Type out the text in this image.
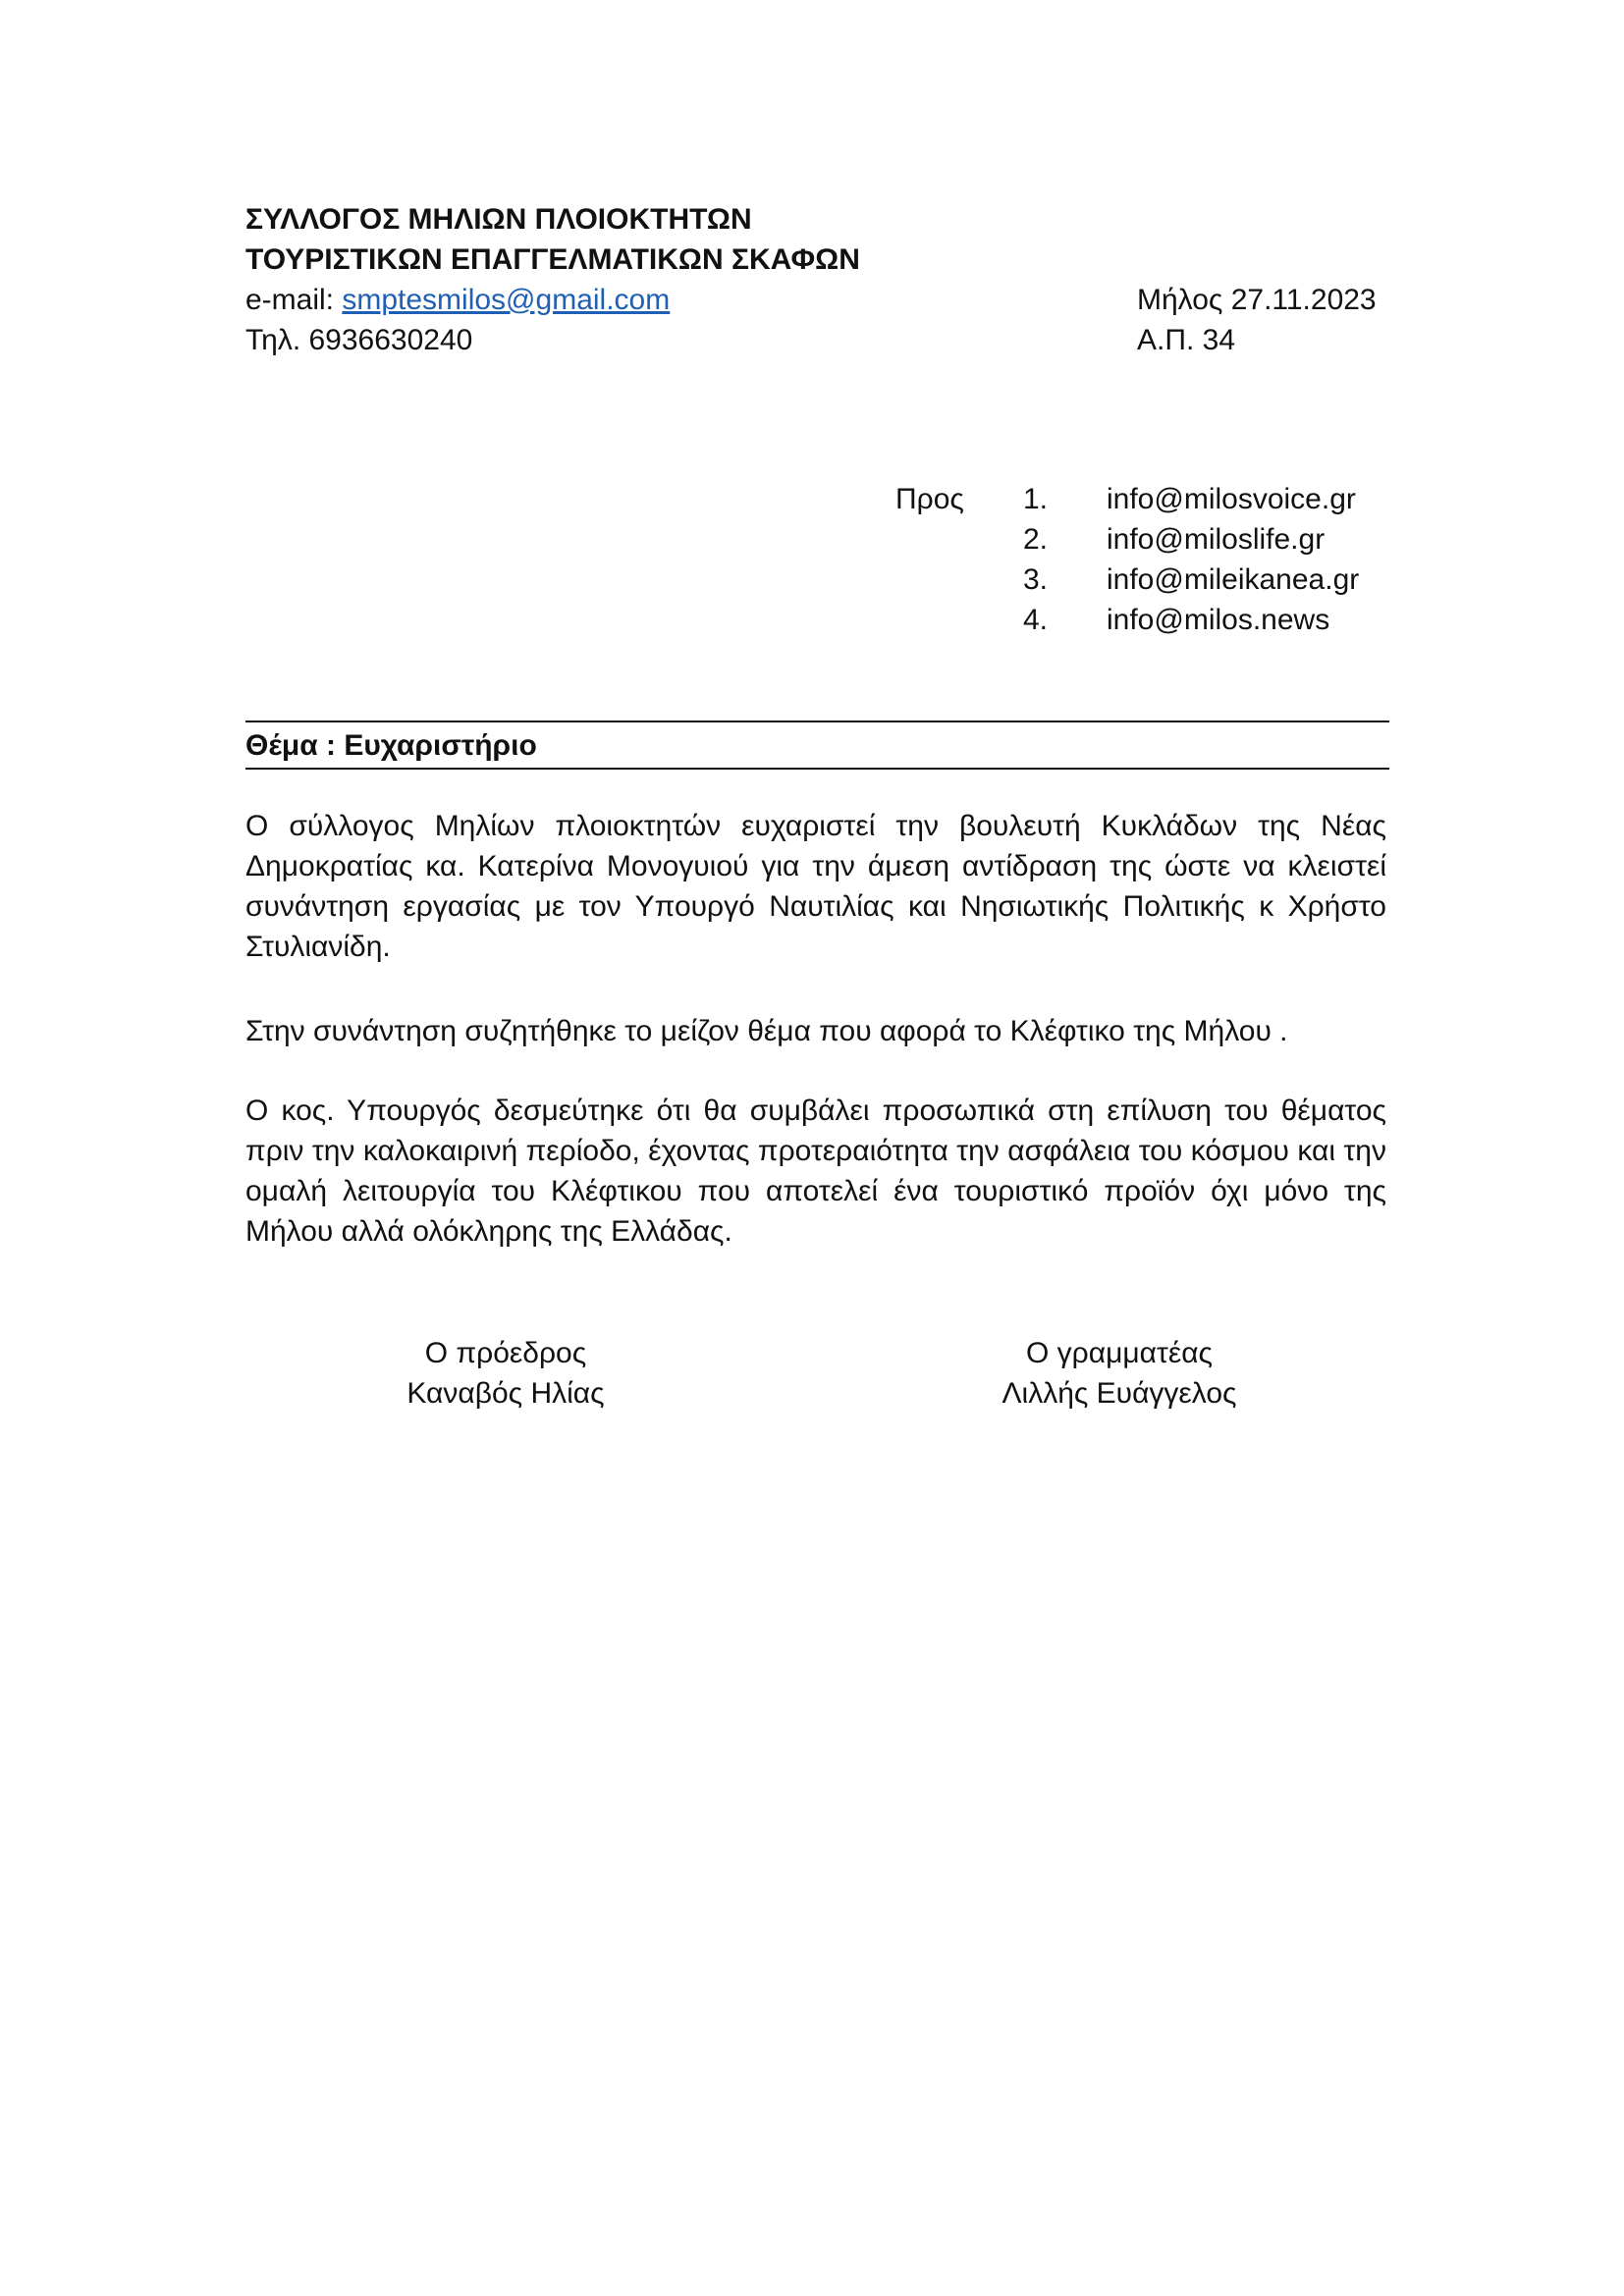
ΣΥΛΛΟΓΟΣ ΜΗΛΙΩΝ ΠΛΟΙΟΚΤΗΤΩΝ
ΤΟΥΡΙΣΤΙΚΩΝ ΕΠΑΓΓΕΛΜΑΤΙΚΩΝ ΣΚΑΦΩΝ
e-mail: smptesmilos@gmail.com
Τηλ. 6936630240
Μήλος 27.11.2023
Α.Π. 34
Προς 1. info@milosvoice.gr
2. info@miloslife.gr
3. info@mileikanea.gr
4. info@milos.news
Θέμα : Ευχαριστήριο

Ο σύλλογος Μηλίων πλοιοκτητών ευχαριστεί την βουλευτή Κυκλάδων της Νέας Δημοκρατίας κα. Κατερίνα Μονογυιού για την άμεση αντίδραση της ώστε να κλειστεί συνάντηση εργασίας με τον Υπουργό Ναυτιλίας και Νησιωτικής Πολιτικής κ Χρήστο Στυλιανίδη.

Στην συνάντηση συζητήθηκε το μείζον θέμα που αφορά το Κλέφτικο της Μήλου .

Ο κος. Υπουργός δεσμεύτηκε ότι θα συμβάλει προσωπικά στη επίλυση του θέματος πριν την καλοκαιρινή περίοδο, έχοντας προτεραιότητα την ασφάλεια του κόσμου και την ομαλή λειτουργία του Κλέφτικου που αποτελεί ένα τουριστικό προϊόν όχι μόνο της Μήλου αλλά ολόκληρης της Ελλάδας.

Ο πρόεδρος
Καναβός Ηλίας
Ο γραμματέας
Λιλλής Ευάγγελος
